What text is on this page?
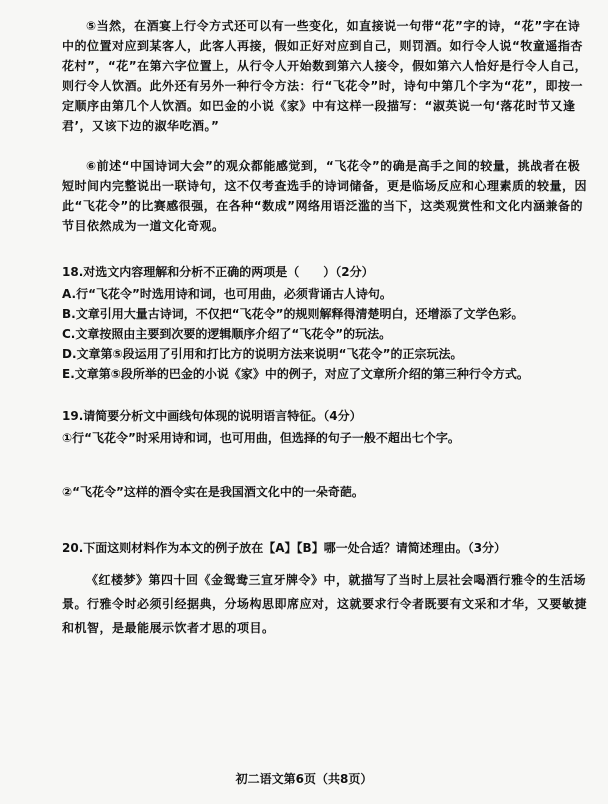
⑤当然，在酒宴上行令方式还可以有一些变化，如直接说一句带“花”字的诗，“花”字在诗中的位置对应到某客人，此客人再接，假如正好对应到自己，则罚酒。如行令人说“牧童遥指杏花村”，“花”在第六字位置上，从行令人开始数到第六人接令，假如第六人恰好是行令人自己，则行令人饮酒。此外还有另外一种行令方法：行“飞花令”时，诗句中第几个字为“花”，即按一定顺序由第几个人饮酒。如巴金的小说《家》中有这样一段描写：“淑英说一句‘落花时节又逢君’，又该下边的淑华吃酒。”

⑥前述“中国诗词大会”的观众都能感觉到，“飞花令”的确是高手之间的较量，挑战者在极短时间内完整说出一联诗句，这不仅考查选手的诗词储备，更是临场反应和心理素质的较量，因此“飞花令”的比赛感很强，在各种“数成”网络用语泛滥的当下，这类观赏性和文化内涵兼备的节目依然成为一道文化奇观。

18.对选文内容理解和分析不正确的两项是（　　）（2分）

A.行“飞花令”时选用诗和词，也可用曲，必须背诵古人诗句。

B.文章引用大量古诗词，不仅把“飞花令”的规则解释得清楚明白，还增添了文学色彩。

C.文章按照由主要到次要的逻辑顺序介绍了“飞花令”的玩法。

D.文章第⑤段运用了引用和打比方的说明方法来说明“飞花令”的正宗玩法。

E.文章第⑤段所举的巴金的小说《家》中的例子，对应了文章所介绍的第三种行令方式。

19.请简要分析文中画线句体现的说明语言特征。（4分）

①行“飞花令”时采用诗和词，也可用曲，但选择的句子一般不超出七个字。

②“飞花令”这样的酒令实在是我国酒文化中的一朵奇葩。

20.下面这则材料作为本文的例子放在【A】【B】哪一处合适？请简述理由。（3分）

《红楼梦》第四十回《金鸳鸯三宣牙牌令》中，就描写了当时上层社会喝酒行雅令的生活场景。行雅令时必须引经据典，分场构思即席应对，这就要求行令者既要有文采和才华，又要敏捷和机智，是最能展示饮者才思的项目。

初二语文第6页（共8页）
